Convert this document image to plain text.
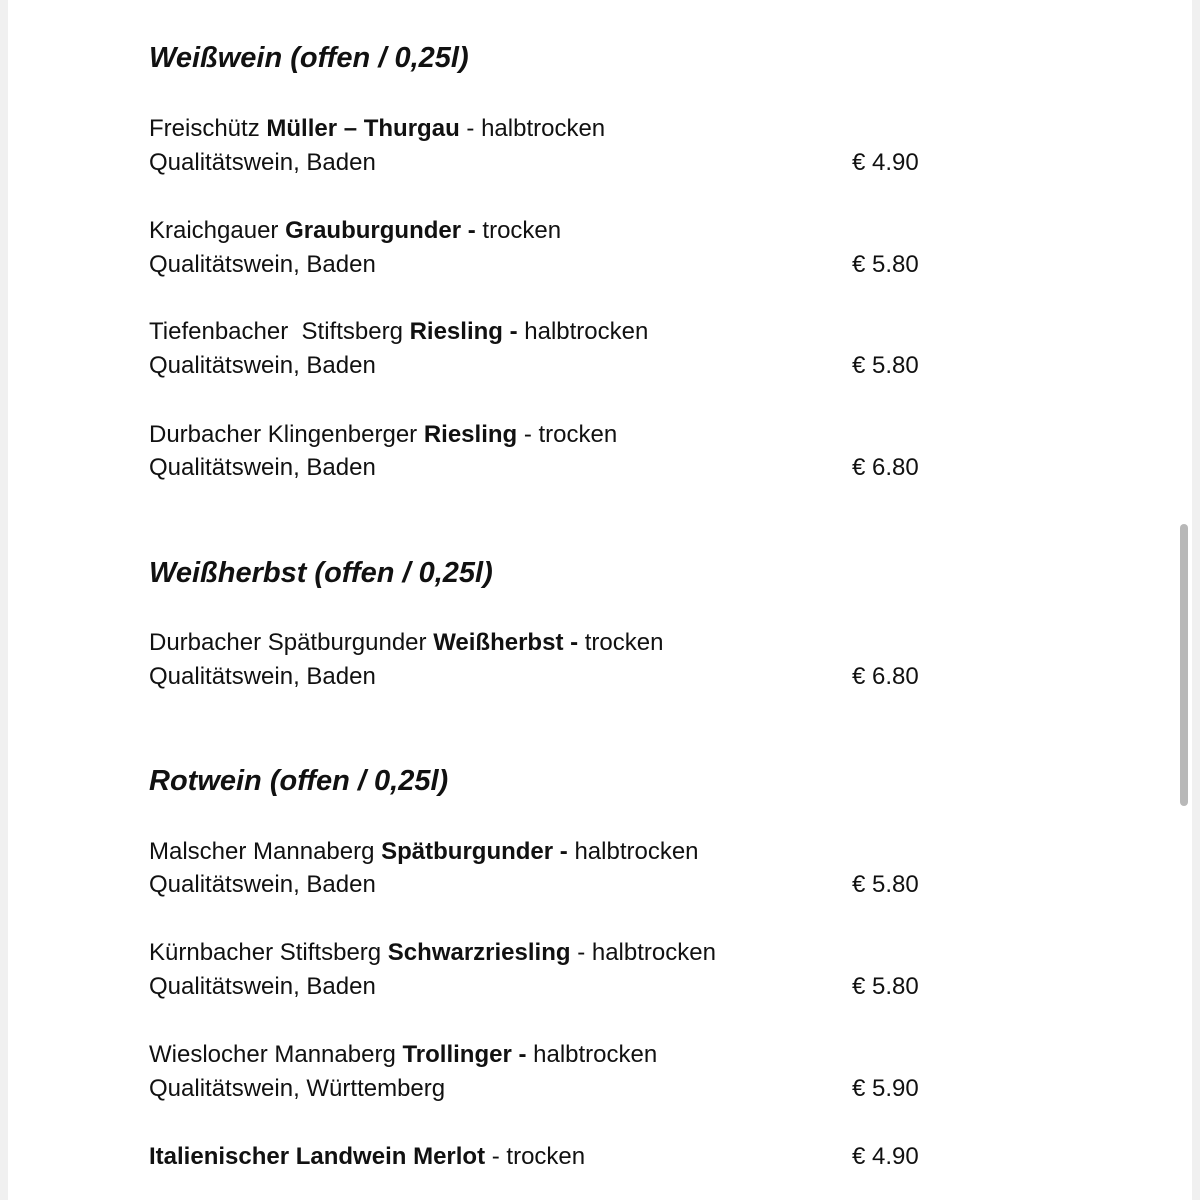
Weißwein (offen / 0,25l)
Freischütz Müller – Thurgau - halbtrocken
Qualitätswein, Baden	€ 4.90
Kraichgauer Grauburgunder - trocken
Qualitätswein, Baden	€ 5.80
Tiefenbacher  Stiftsberg Riesling - halbtrocken
Qualitätswein, Baden	€ 5.80
Durbacher Klingenberger Riesling - trocken
Qualitätswein, Baden	€ 6.80
Weißherbst (offen / 0,25l)
Durbacher Spätburgunder Weißherbst - trocken
Qualitätswein, Baden	€ 6.80
Rotwein (offen / 0,25l)
Malscher Mannaberg Spätburgunder - halbtrocken
Qualitätswein, Baden	€ 5.80
Kürnbacher Stiftsberg Schwarzriesling - halbtrocken
Qualitätswein, Baden	€ 5.80
Wieslocher Mannaberg Trollinger - halbtrocken
Qualitätswein, Württemberg	€ 5.90
Italienischer Landwein Merlot - trocken	€ 4.90
